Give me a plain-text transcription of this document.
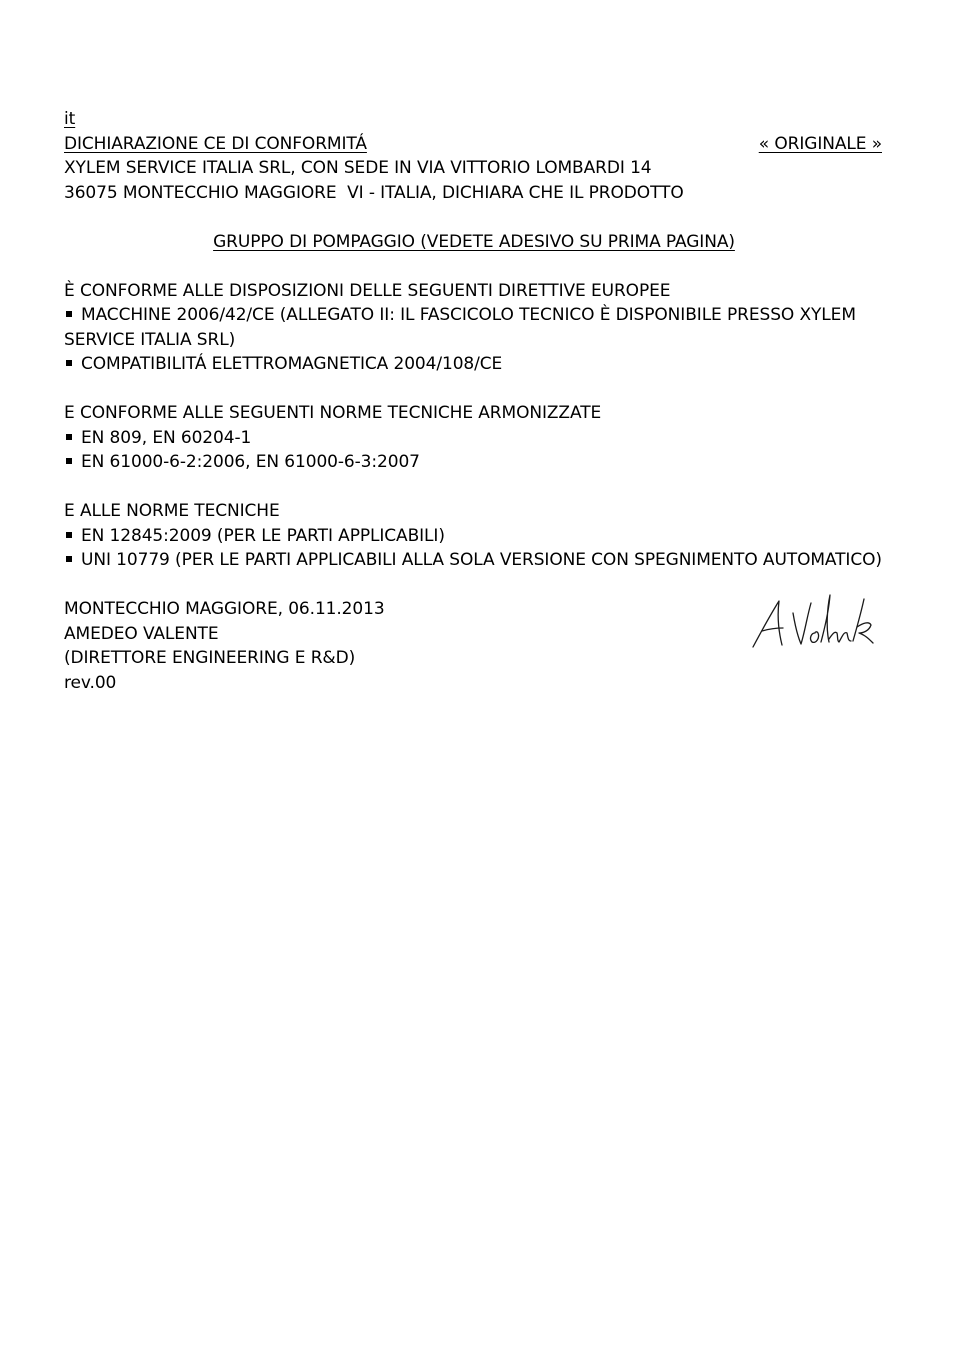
it
DICHIARAZIONE CE DI CONFORMITÁ	« ORIGINALE »
XYLEM SERVICE ITALIA SRL, CON SEDE IN VIA VITTORIO LOMBARDI 14
36075 MONTECCHIO MAGGIORE  VI - ITALIA, DICHIARA CHE IL PRODOTTO
GRUPPO DI POMPAGGIO (VEDETE ADESIVO SU PRIMA PAGINA)
È CONFORME ALLE DISPOSIZIONI DELLE SEGUENTI DIRETTIVE EUROPEE
MACCHINE 2006/42/CE (ALLEGATO II: IL FASCICOLO TECNICO È DISPONIBILE PRESSO XYLEM SERVICE ITALIA SRL)
COMPATIBILITÁ ELETTROMAGNETICA 2004/108/CE
E CONFORME ALLE SEGUENTI NORME TECNICHE ARMONIZZATE
EN 809, EN 60204-1
EN 61000-6-2:2006, EN 61000-6-3:2007
E ALLE NORME TECNICHE
EN 12845:2009 (PER LE PARTI APPLICABILI)
UNI 10779 (PER LE PARTI APPLICABILI ALLA SOLA VERSIONE CON SPEGNIMENTO AUTOMATICO)
MONTECCHIO MAGGIORE, 06.11.2013
AMEDEO VALENTE
(DIRETTORE ENGINEERING E R&D)
rev.00
